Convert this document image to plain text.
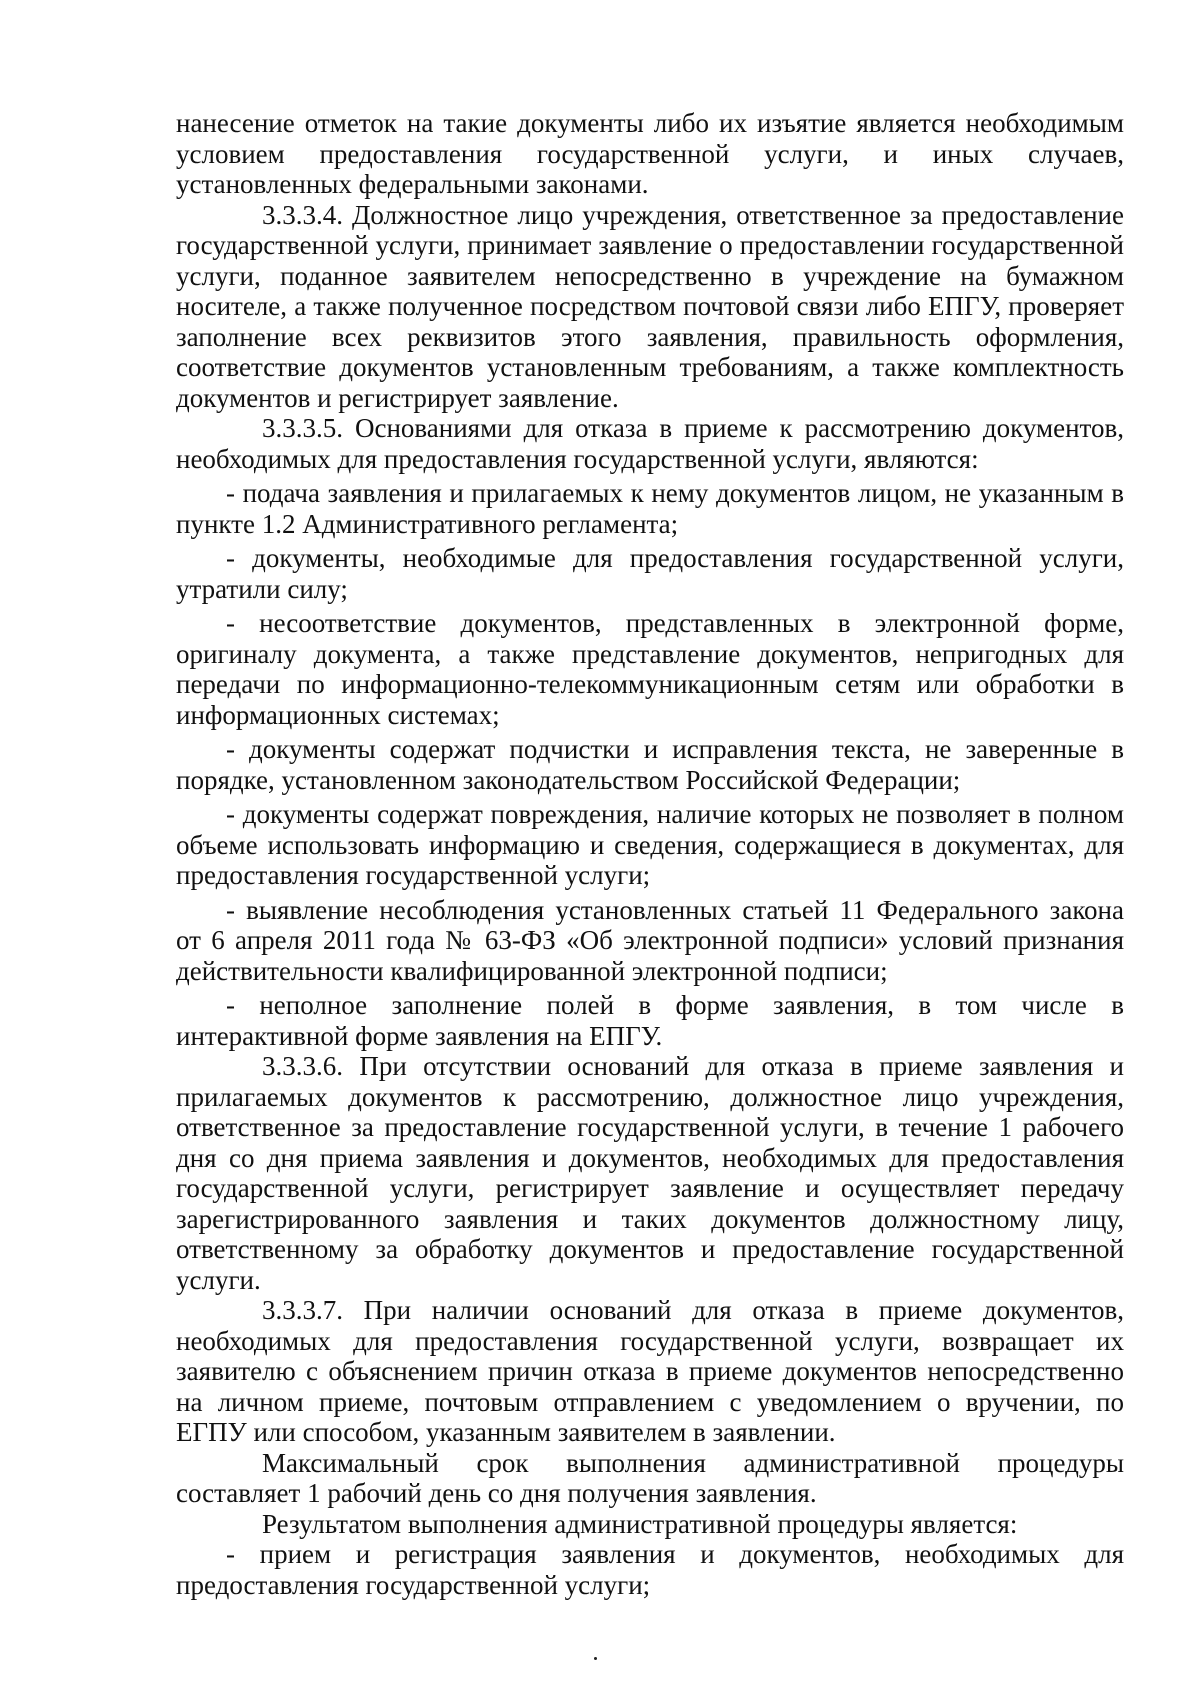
нанесение отметок на такие документы либо их изъятие является необходимым условием предоставления государственной услуги, и иных случаев, установленных федеральными законами.

3.3.3.4. Должностное лицо учреждения, ответственное за предоставление государственной услуги, принимает заявление о предоставлении государственной услуги, поданное заявителем непосредственно в учреждение на бумажном носителе, а также полученное посредством почтовой связи либо ЕПГУ, проверяет заполнение всех реквизитов этого заявления, правильность оформления, соответствие документов установленным требованиям, а также комплектность документов и регистрирует заявление.

3.3.3.5. Основаниями для отказа в приеме к рассмотрению документов, необходимых для предоставления государственной услуги, являются:

- подача заявления и прилагаемых к нему документов лицом, не указанным в пункте 1.2 Административного регламента;

- документы, необходимые для предоставления государственной услуги, утратили силу;

- несоответствие документов, представленных в электронной форме, оригиналу документа, а также представление документов, непригодных для передачи по информационно-телекоммуникационным сетям или обработки в информационных системах;

- документы содержат подчистки и исправления текста, не заверенные в порядке, установленном законодательством Российской Федерации;

- документы содержат повреждения, наличие которых не позволяет в полном объеме использовать информацию и сведения, содержащиеся в документах, для предоставления государственной услуги;

- выявление несоблюдения установленных статьей 11 Федерального закона от 6 апреля 2011 года № 63-ФЗ «Об электронной подписи» условий признания действительности квалифицированной электронной подписи;

- неполное заполнение полей в форме заявления, в том числе в интерактивной форме заявления на ЕПГУ.

3.3.3.6. При отсутствии оснований для отказа в приеме заявления и прилагаемых документов к рассмотрению, должностное лицо учреждения, ответственное за предоставление государственной услуги, в течение 1 рабочего дня со дня приема заявления и документов, необходимых для предоставления государственной услуги, регистрирует заявление и осуществляет передачу зарегистрированного заявления и таких документов должностному лицу, ответственному за обработку документов и предоставление государственной услуги.

3.3.3.7. При наличии оснований для отказа в приеме документов, необходимых для предоставления государственной услуги, возвращает их заявителю с объяснением причин отказа в приеме документов непосредственно на личном приеме, почтовым отправлением с уведомлением о вручении, по ЕГПУ или способом, указанным заявителем в заявлении.

Максимальный срок выполнения административной процедуры составляет 1 рабочий день со дня получения заявления.

Результатом выполнения административной процедуры является:

- прием и регистрация заявления и документов, необходимых для предоставления государственной услуги;
